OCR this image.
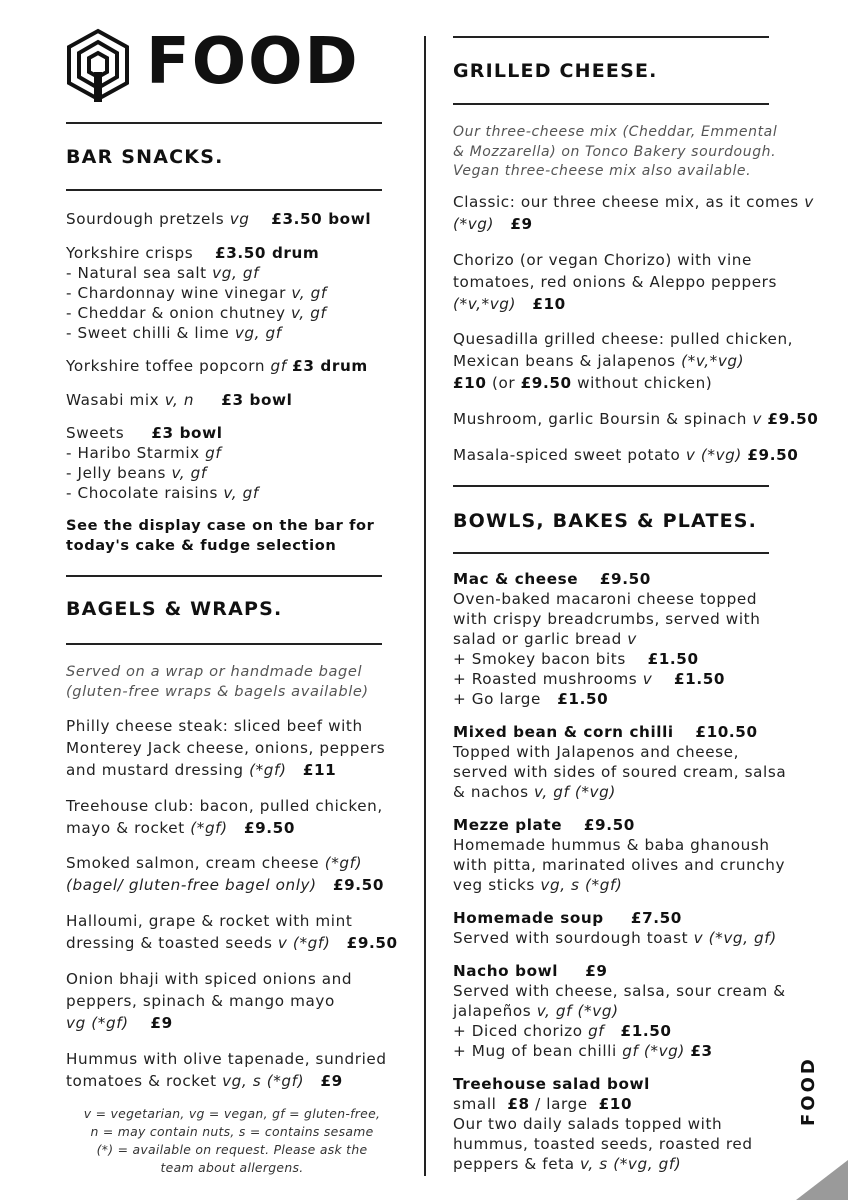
FOOD
BAR SNACKS.
Sourdough pretzels vg £3.50 bowl
Yorkshire crisps £3.50 drum
- Natural sea salt vg, gf
- Chardonnay wine vinegar v, gf
- Cheddar & onion chutney v, gf
- Sweet chilli & lime vg, gf
Yorkshire toffee popcorn gf £3 drum
Wasabi mix v, n £3 bowl
Sweets £3 bowl
- Haribo Starmix gf
- Jelly beans v, gf
- Chocolate raisins v, gf
See the display case on the bar for
today's cake & fudge selection
BAGELS & WRAPS.
Served on a wrap or handmade bagel
(gluten-free wraps & bagels available)
Philly cheese steak: sliced beef with
Monterey Jack cheese, onions, peppers
and mustard dressing (*gf) £11
Treehouse club: bacon, pulled chicken,
mayo & rocket (*gf) £9.50
Smoked salmon, cream cheese (*gf)
(bagel/ gluten-free bagel only) £9.50
Halloumi, grape & rocket with mint
dressing & toasted seeds v (*gf) £9.50
Onion bhaji with spiced onions and
peppers, spinach & mango mayo
vg (*gf) £9
Hummus with olive tapenade, sundried
tomatoes & rocket vg, s (*gf) £9
v = vegetarian, vg = vegan, gf = gluten-free,
n = may contain nuts, s = contains sesame
(*) = available on request. Please ask the
team about allergens.
GRILLED CHEESE.
Our three-cheese mix (Cheddar, Emmental
& Mozzarella) on Tonco Bakery sourdough.
Vegan three-cheese mix also available.
Classic: our three cheese mix, as it comes v
(*vg) £9
Chorizo (or vegan Chorizo) with vine
tomatoes, red onions & Aleppo peppers
(*v,*vg) £10
Quesadilla grilled cheese: pulled chicken,
Mexican beans & jalapenos (*v,*vg)
£10 (or £9.50 without chicken)
Mushroom, garlic Boursin & spinach v £9.50
Masala-spiced sweet potato v (*vg) £9.50
BOWLS, BAKES & PLATES.
Mac & cheese £9.50
Oven-baked macaroni cheese topped
with crispy breadcrumbs, served with
salad or garlic bread v
+ Smokey bacon bits £1.50
+ Roasted mushrooms v £1.50
+ Go large £1.50
Mixed bean & corn chilli £10.50
Topped with Jalapenos and cheese,
served with sides of soured cream, salsa
& nachos v, gf (*vg)
Mezze plate £9.50
Homemade hummus & baba ghanoush
with pitta, marinated olives and crunchy
veg sticks vg, s (*gf)
Homemade soup £7.50
Served with sourdough toast v (*vg, gf)
Nacho bowl £9
Served with cheese, salsa, sour cream &
jalapeños v, gf (*vg)
+ Diced chorizo gf £1.50
+ Mug of bean chilli gf (*vg) £3
Treehouse salad bowl
small  £8 / large  £10
Our two daily salads topped with
hummus, toasted seeds, roasted red
peppers & feta v, s (*vg, gf)
FOOD
